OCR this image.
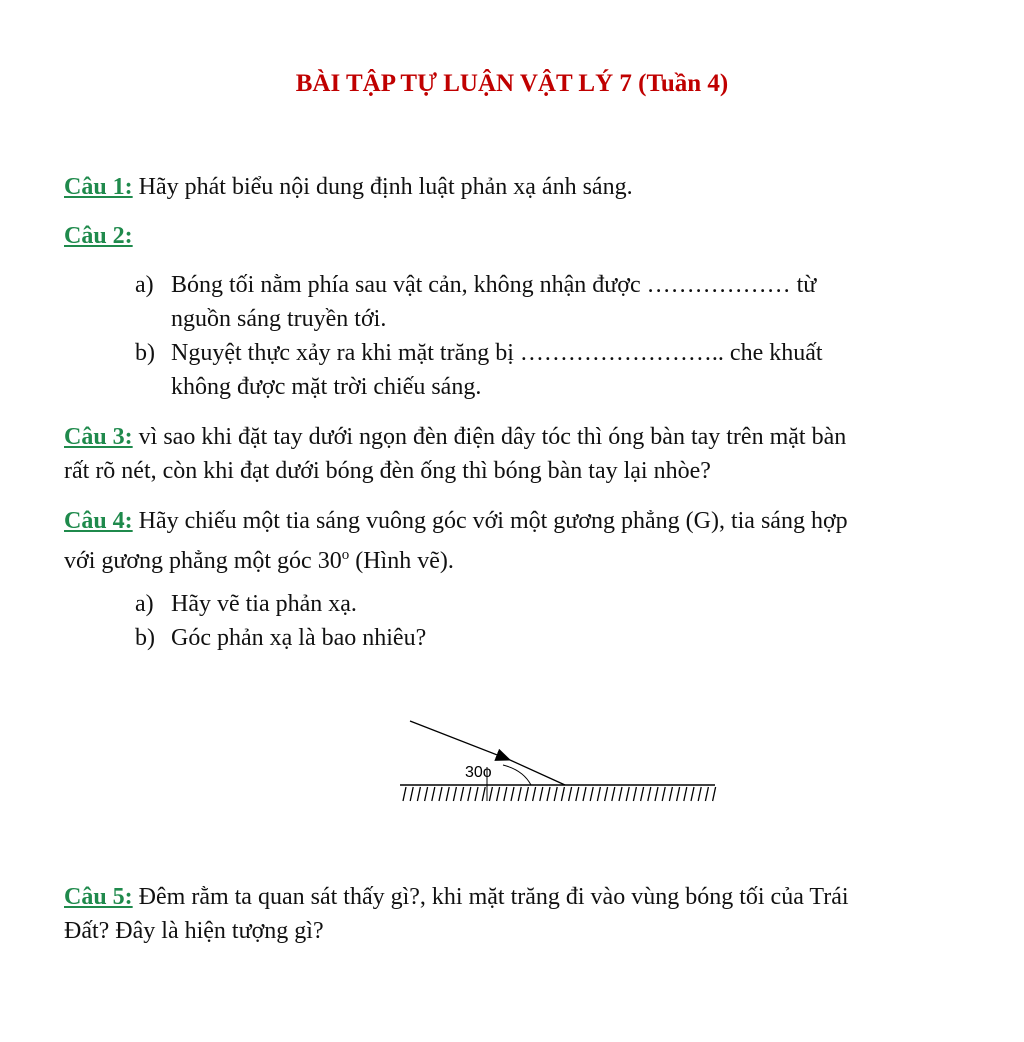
BÀI TẬP TỰ LUẬN VẬT LÝ 7 (Tuần 4)
Câu 1: Hãy phát biểu nội dung định luật phản xạ ánh sáng.
Câu 2:
a) Bóng tối nằm phía sau vật cản, không nhận được ……………… từ
nguồn sáng truyền tới.
b) Nguyệt thực xảy ra khi mặt trăng bị …………………….. che khuất
không được mặt trời chiếu sáng.
Câu 3: vì sao khi đặt tay dưới ngọn đèn điện dây tóc thì óng bàn tay trên mặt bàn
rất rõ nét, còn khi đạt dưới bóng đèn ống thì bóng bàn tay lại nhòe?
Câu 4: Hãy chiếu một tia sáng vuông góc với một gương phẳng (G), tia sáng hợp
với gương phẳng một góc 30$^o$ (Hình vẽ).
a) Hãy vẽ tia phản xạ.
b) Góc phản xạ là bao nhiêu?
30o
Câu 5: Đêm rằm ta quan sát thấy gì?, khi mặt trăng đi vào vùng bóng tối của Trái
Đất? Đây là hiện tượng gì?
